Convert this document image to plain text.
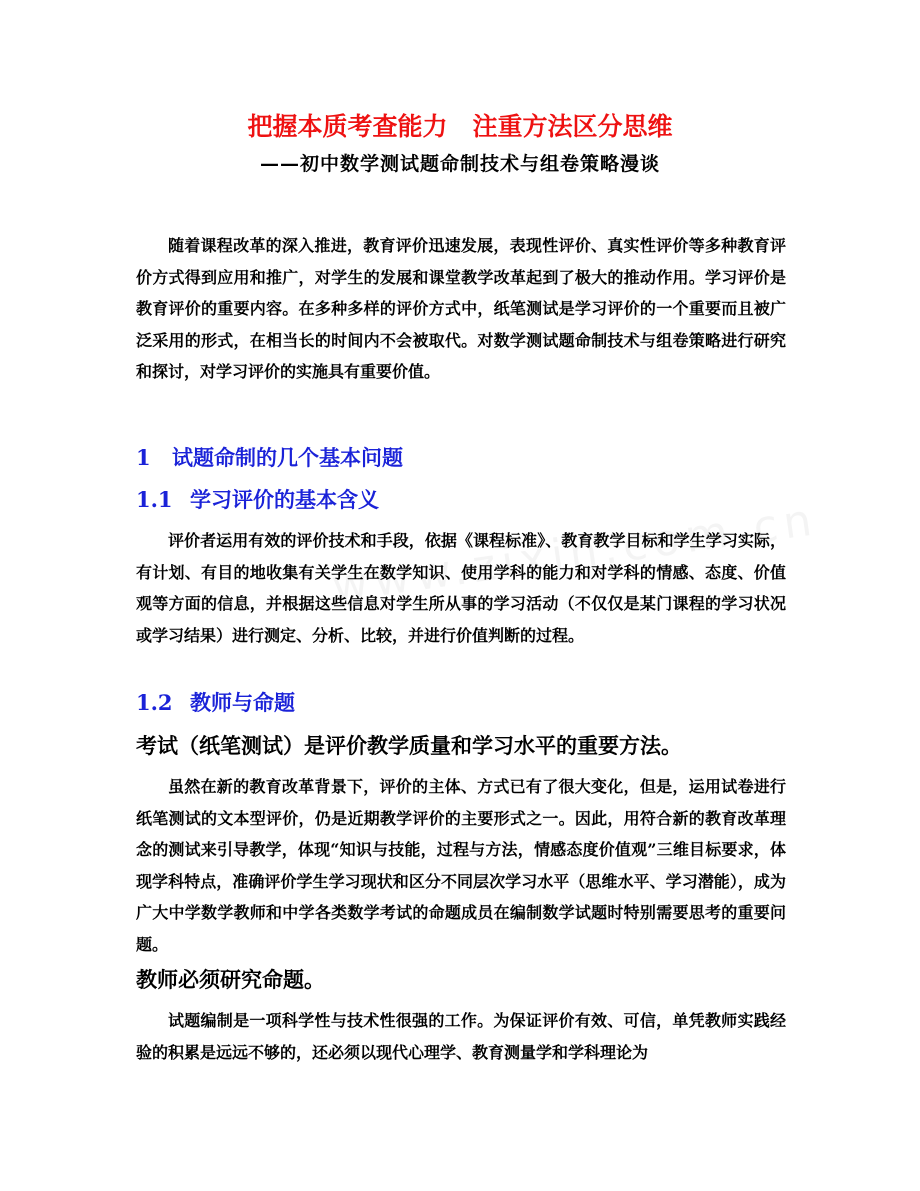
把握本质考查能力　注重方法区分思维
——初中数学测试题命制技术与组卷策略漫谈

随着课程改革的深入推进，教育评价迅速发展，表现性评价、真实性评价等多种教育评价方式得到应用和推广，对学生的发展和课堂教学改革起到了极大的推动作用。学习评价是教育评价的重要内容。在多种多样的评价方式中，纸笔测试是学习评价的一个重要而且被广泛采用的形式，在相当长的时间内不会被取代。对数学测试题命制技术与组卷策略进行研究和探讨，对学习评价的实施具有重要价值。

1 试题命制的几个基本问题
1.1 学习评价的基本含义

评价者运用有效的评价技术和手段，依据《课程标准》、教育教学目标和学生学习实际，有计划、有目的地收集有关学生在数学知识、使用学科的能力和对学科的情感、态度、价值观等方面的信息，并根据这些信息对学生所从事的学习活动（不仅仅是某门课程的学习状况或学习结果）进行测定、分析、比较，并进行价值判断的过程。

1.2 教师与命题
考试（纸笔测试）是评价教学质量和学习水平的重要方法。

虽然在新的教育改革背景下，评价的主体、方式已有了很大变化，但是，运用试卷进行纸笔测试的文本型评价，仍是近期教学评价的主要形式之一。因此，用符合新的教育改革理念的测试来引导教学，体现“知识与技能，过程与方法，情感态度价值观”三维目标要求，体现学科特点，准确评价学生学习现状和区分不同层次学习水平（思维水平、学习潜能），成为广大中学数学教师和中学各类数学考试的命题成员在编制数学试题时特别需要思考的重要问题。

教师必须研究命题。

试题编制是一项科学性与技术性很强的工作。为保证评价有效、可信，单凭教师实践经验的积累是远远不够的，还必须以现代心理学、教育测量学和学科理论为
